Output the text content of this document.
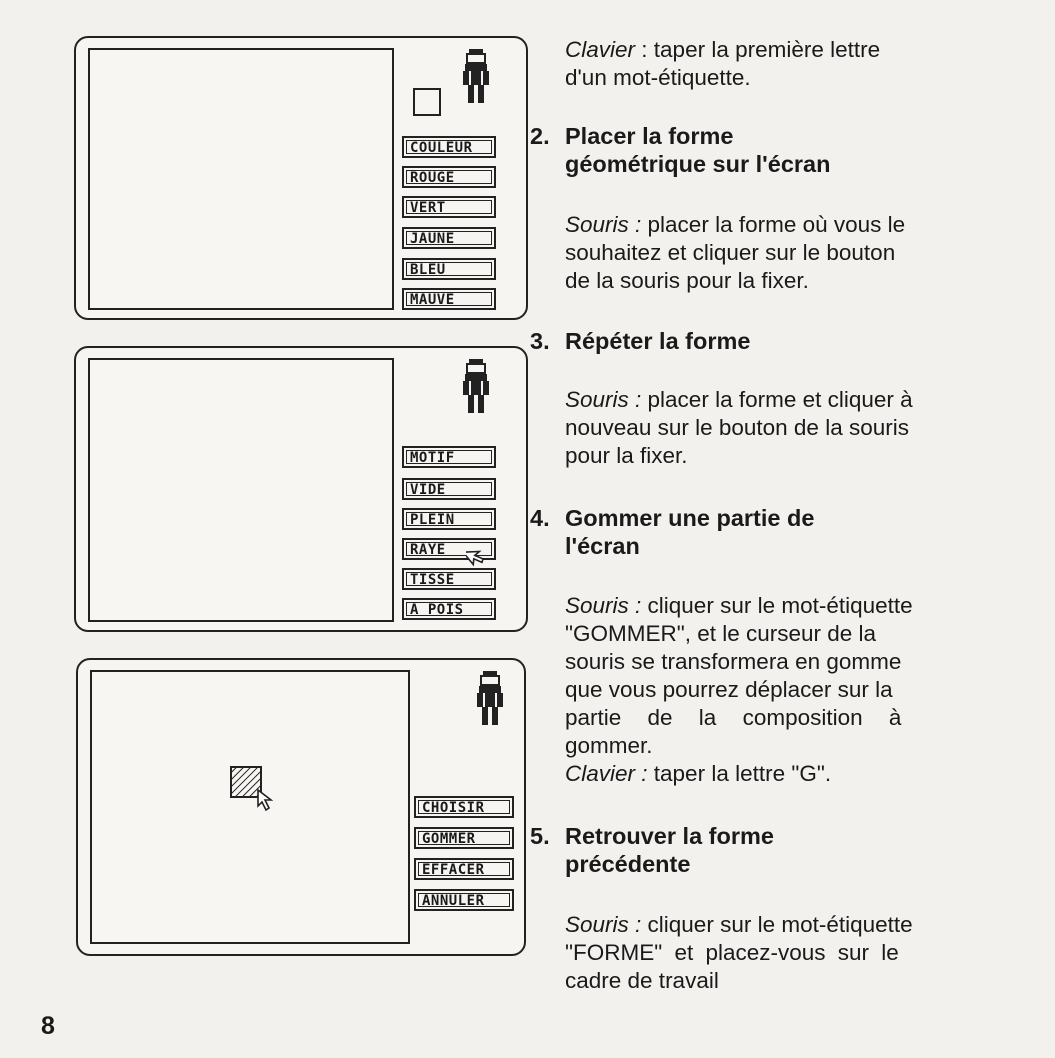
COULEUR
ROUGE
VERT
JAUNE
BLEU
MAUVE
MOTIF
VIDE
PLEIN
RAYE
TISSE
A POIS
CHOISIR
GOMMER
EFFACER
ANNULER
Clavier : taper la première lettre
d'un mot-étiquette.
2. Placer la forme
géométrique sur l'écran
Souris : placer la forme où vous le
souhaitez et cliquer sur le bouton
de la souris pour la fixer.
3. Répéter la forme
Souris : placer la forme et cliquer à
nouveau sur le bouton de la souris
pour la fixer.
4. Gommer une partie de
l'écran
Souris : cliquer sur le mot-étiquette
"GOMMER", et le curseur de la
souris se transformera en gomme
que vous pourrez déplacer sur la
partie de la composition à
gommer.
Clavier : taper la lettre "G".
5. Retrouver la forme
précédente
Souris : cliquer sur le mot-étiquette
"FORME" et placez-vous sur le
cadre de travail
8
